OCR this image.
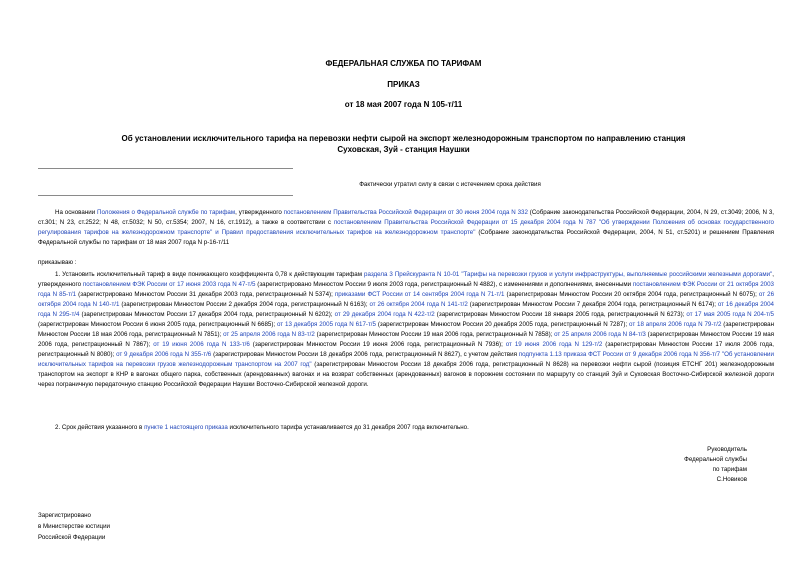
ФЕДЕРАЛЬНАЯ СЛУЖБА ПО ТАРИФАМ
ПРИКАЗ
от 18 мая 2007 года N 105-т/11
Об установлении исключительного тарифа на перевозки нефти сырой на экспорт железнодорожным транспортом по направлению станция Суховская, Зуй - станция Наушки
Фактически утратил силу в связи с истечением срока действия
На основании Положения о Федеральной службе по тарифам, утвержденного постановлением Правительства Российской Федерации от 30 июня 2004 года N 332 (Собрание законодательства Российской Федерации, 2004, N 29, ст.3049; 2006, N 3, ст.301; N 23, ст.2522; N 48, ст.5032; N 50, ст.5354; 2007, N 16, ст.1912), а также в соответствии с постановлением Правительства Российской Федерации от 15 декабря 2004 года N 787 "Об утверждении Положения об основах государственного регулирования тарифов на железнодорожном транспорте" и Правил предоставления исключительных тарифов на железнодорожном транспорте" (Собрание законодательства Российской Федерации, 2004, N 51, ст.5201) и решением Правления Федеральной службы по тарифам от 18 мая 2007 года N р-16-т/11
приказываю :
1. Установить исключительный тариф в виде понижающего коэффициента 0,78 к действующим тарифам раздела 3 Прейскуранта N 10-01 "Тарифы на перевозки грузов и услуги инфраструктуры, выполняемые российскими железными дорогами", утвержденного постановлением ФЭК России от 17 июня 2003 года N 47-т/5 (зарегистрировано Минюстом России 9 июля 2003 года, регистрационный N 4882), с изменениями и дополнениями, внесенными постановлением ФЭК России от 21 октября 2003 года N 85-т/1 (зарегистрировано Минюстом России 31 декабря 2003 года, регистрационный N 5374); приказами ФСТ России от 14 сентября 2004 года N 71-т/1 (зарегистрирован Минюстом России 20 октября 2004 года, регистрационный N 6075); от 26 октября 2004 года N 140-т/1 (зарегистрирован Минюстом России 2 декабря 2004 года, регистрационный N 6163); от 26 октября 2004 года N 141-т/2 (зарегистрирован Минюстом России 7 декабря 2004 года, регистрационный N 6174); от 16 декабря 2004 года N 295-т/4 (зарегистрирован Минюстом России 17 декабря 2004 года, регистрационный N 6202); от 29 декабря 2004 года N 422-т/2 (зарегистрирован Минюстом России 18 января 2005 года, регистрационный N 6273); от 17 мая 2005 года N 204-т/5 (зарегистрирован Минюстом России 6 июня 2005 года, регистрационный N 6685); от 13 декабря 2005 года N 617-т/5 (зарегистрирован Минюстом России 20 декабря 2005 года, регистрационный N 7287); от 18 апреля 2006 года N 79-т/2 (зарегистрирован Минюстом России 18 мая 2006 года, регистрационный N 7851); от 25 апреля 2006 года N 83-т/2 (зарегистрирован Минюстом России 19 мая 2006 года, регистрационный N 7858); от 25 апреля 2006 года N 84-т/3 (зарегистрирован Минюстом России 19 мая 2006 года, регистрационный N 7867); от 19 июня 2006 года N 133-т/6 (зарегистрирован Минюстом России 19 июня 2006 года, регистрационный N 7936); от 19 июня 2006 года N 129-т/2 (зарегистрирован Минюстом России 17 июля 2006 года, регистрационный N 8080); от 9 декабря 2006 года N 355-т/6 (зарегистрирован Минюстом России 18 декабря 2006 года, регистрационный N 8627), с учетом действия подпункта 1.13 приказа ФСТ России от 9 декабря 2006 года N 356-т/7 "Об установлении исключительных тарифов на перевозки грузов железнодорожным транспортом на 2007 год" (зарегистрирован Минюстом России 18 декабря 2006 года, регистрационный N 8628) на перевозки нефти сырой (позиция ЕТСНГ 201) железнодорожным транспортом на экспорт в КНР в вагонах общего парка, собственных (арендованных) вагонах и на возврат собственных (арендованных) вагонов в порожнем состоянии по маршруту со станций Зуй и Суховская Восточно-Сибирской железной дороги через пограничную передаточную станцию Российской Федерации Наушки Восточно-Сибирской железной дороги.
2. Срок действия указанного в пункте 1 настоящего приказа исключительного тарифа устанавливается до 31 декабря 2007 года включительно.
Руководитель
Федеральной службы
по тарифам
С.Новиков
Зарегистрировано
в Министерстве юстиции
Российской Федерации
